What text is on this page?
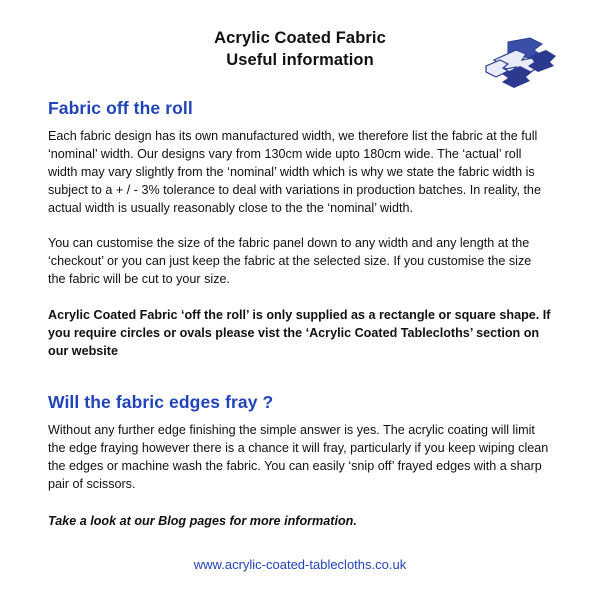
Acrylic Coated Fabric
Useful information
Fabric off the roll

Each fabric design has its own manufactured width, we therefore list the fabric at the full ‘nominal’ width. Our designs vary from 130cm wide upto 180cm wide. The ‘actual’ roll width may vary slightly from the ‘nominal’ width which is why we state the fabric width is subject to a + / - 3% tolerance to deal with variations in production batches. In reality, the actual width is usually reasonably close to the the ‘nominal’ width.

You can customise the size of the fabric panel down to any width and any length at the ‘checkout’ or you can just keep the fabric at the selected size. If you customise the size the fabric will be cut to your size.

Acrylic Coated Fabric ‘off the roll’ is only supplied as a rectangle or square shape. If you require circles or ovals please vist the ‘Acrylic Coated Tablecloths’ section on our website

Will the fabric edges fray ?

Without any further edge finishing the simple answer is yes. The acrylic coating will limit the edge fraying however there is a chance it will fray, particularly if you keep wiping clean the edges or machine wash the fabric. You can easily ‘snip off’ frayed edges with a sharp pair of scissors.

Take a look at our Blog pages for more information.

www.acrylic-coated-tablecloths.co.uk
